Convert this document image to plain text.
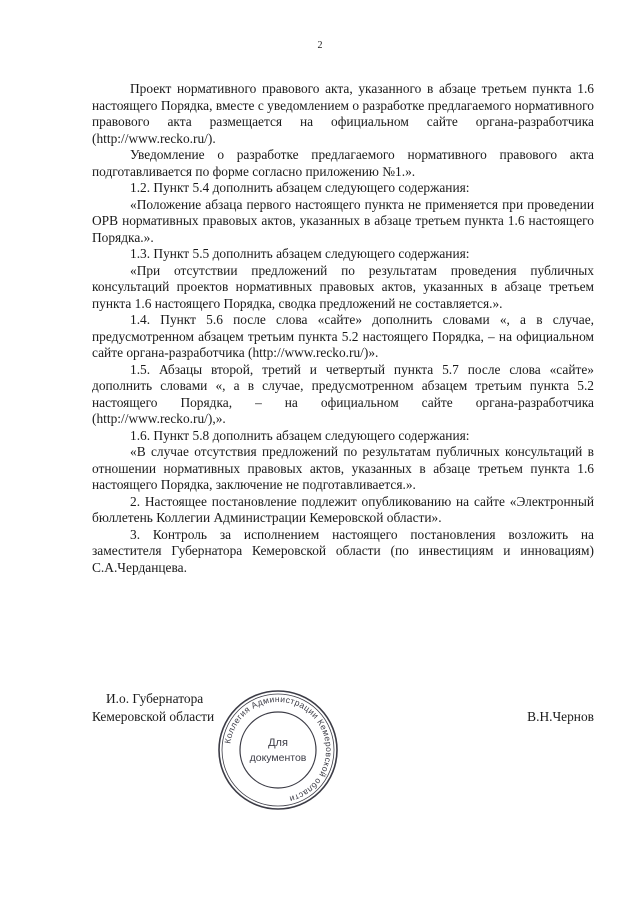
2

Проект нормативного правового акта, указанного в абзаце третьем пункта 1.6 настоящего Порядка, вместе с уведомлением о разработке предлагаемого нормативного правового акта размещается на официальном сайте органа-разработчика (http://www.recko.ru/).

Уведомление о разработке предлагаемого нормативного правового акта подготавливается по форме согласно приложению №1.».

1.2. Пункт 5.4 дополнить абзацем следующего содержания:

«Положение абзаца первого настоящего пункта не применяется при проведении ОРВ нормативных правовых актов, указанных в абзаце третьем пункта 1.6 настоящего Порядка.».

1.3. Пункт 5.5 дополнить абзацем следующего содержания:

«При отсутствии предложений по результатам проведения публичных консультаций проектов нормативных правовых актов, указанных в абзаце третьем пункта 1.6 настоящего Порядка, сводка предложений не составляется.».

1.4. Пункт 5.6 после слова «сайте» дополнить словами «, а в случае, предусмотренном абзацем третьим пункта 5.2 настоящего Порядка, – на официальном сайте органа-разработчика (http://www.recko.ru/)».

1.5. Абзацы второй, третий и четвертый пункта 5.7 после слова «сайте» дополнить словами «, а в случае, предусмотренном абзацем третьим пункта 5.2 настоящего Порядка, – на официальном сайте органа-разработчика (http://www.recko.ru/),».

1.6. Пункт 5.8 дополнить абзацем следующего содержания:

«В случае отсутствия предложений по результатам публичных консультаций в отношении нормативных правовых актов, указанных в абзаце третьем пункта 1.6 настоящего Порядка, заключение не подготавливается.».

2. Настоящее постановление подлежит опубликованию на сайте «Электронный бюллетень Коллегии Администрации Кемеровской области».

3. Контроль за исполнением настоящего постановления возложить на заместителя Губернатора Кемеровской области (по инвестициям и инновациям) С.А.Черданцева.

И.о. Губернатора
Кемеровской области	В.Н.Чернов
Коллегия Администрации Кемеровской области
Для
документов
